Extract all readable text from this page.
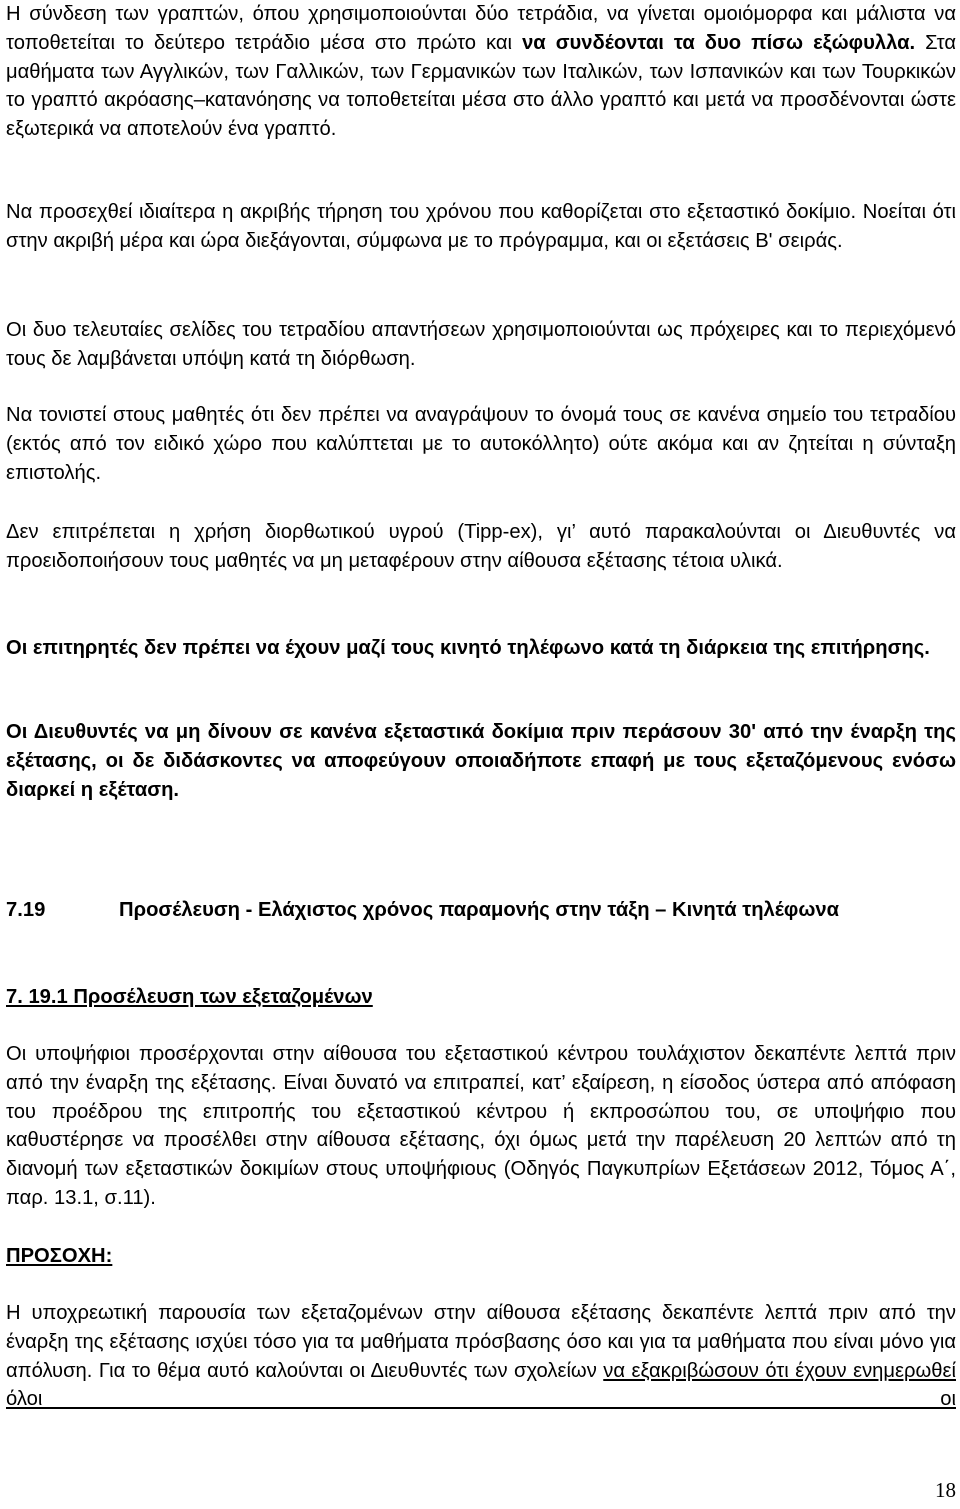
Η σύνδεση των γραπτών, όπου χρησιμοποιούνται δύο τετράδια, να γίνεται ομοιόμορφα και μάλιστα να τοποθετείται το δεύτερο τετράδιο μέσα στο πρώτο και να συνδέονται τα δυο πίσω εξώφυλλα. Στα μαθήματα των Αγγλικών, των Γαλλικών, των Γερμανικών των Ιταλικών, των Ισπανικών και των Τουρκικών το γραπτό ακρόασης–κατανόησης να τοποθετείται μέσα στο άλλο γραπτό και μετά να προσδένονται ώστε εξωτερικά να αποτελούν ένα γραπτό.

Να προσεχθεί ιδιαίτερα η ακριβής τήρηση του χρόνου που καθορίζεται στο εξεταστικό δοκίμιο. Νοείται ότι στην ακριβή μέρα και ώρα διεξάγονται, σύμφωνα με το πρόγραμμα, και οι εξετάσεις Β' σειράς.

Οι δυο τελευταίες σελίδες του τετραδίου απαντήσεων χρησιμοποιούνται ως πρόχειρες και το περιεχόμενό τους δε λαμβάνεται υπόψη κατά τη διόρθωση.

Να τονιστεί στους μαθητές ότι δεν πρέπει να αναγράψουν το όνομά τους σε κανένα σημείο του τετραδίου (εκτός από τον ειδικό χώρο που καλύπτεται με το αυτοκόλλητο) ούτε ακόμα και αν ζητείται η σύνταξη επιστολής.

Δεν επιτρέπεται η χρήση διορθωτικού υγρού (Tipp-ex), γι’ αυτό παρακαλούνται οι Διευθυντές να προειδοποιήσουν τους μαθητές να μη μεταφέρουν στην αίθουσα εξέτασης τέτοια υλικά.

Οι επιτηρητές δεν πρέπει να έχουν μαζί τους κινητό τηλέφωνο κατά τη διάρκεια της επιτήρησης.

Οι Διευθυντές να μη δίνουν σε κανένα εξεταστικά δοκίμια πριν περάσουν 30' από την έναρξη της εξέτασης, οι δε διδάσκοντες να αποφεύγουν οποιαδήποτε επαφή με τους εξεταζόμενους ενόσω διαρκεί η εξέταση.

7.19	Προσέλευση - Ελάχιστος χρόνος παραμονής στην τάξη – Κινητά τηλέφωνα

7. 19.1 Προσέλευση των εξεταζομένων

Οι υποψήφιοι προσέρχονται στην αίθουσα του εξεταστικού κέντρου τουλάχιστον δεκαπέντε λεπτά πριν από την έναρξη της εξέτασης. Είναι δυνατό να επιτραπεί, κατ’ εξαίρεση, η είσοδος ύστερα από απόφαση του προέδρου της επιτροπής του εξεταστικού κέντρου ή εκπροσώπου του, σε υποψήφιο που καθυστέρησε να προσέλθει στην αίθουσα εξέτασης, όχι όμως μετά την παρέλευση 20 λεπτών από τη διανομή των εξεταστικών δοκιμίων στους υποψήφιους (Οδηγός Παγκυπρίων Εξετάσεων 2012, Τόμος Α΄, παρ. 13.1, σ.11).

ΠΡΟΣΟΧΗ:

Η υποχρεωτική παρουσία των εξεταζομένων στην αίθουσα εξέτασης δεκαπέντε λεπτά πριν από την έναρξη της εξέτασης ισχύει τόσο για τα μαθήματα πρόσβασης όσο και για τα μαθήματα που είναι μόνο για απόλυση. Για το θέμα αυτό καλούνται οι Διευθυντές των σχολείων να εξακριβώσουν ότι έχουν ενημερωθεί όλοι οι

18
